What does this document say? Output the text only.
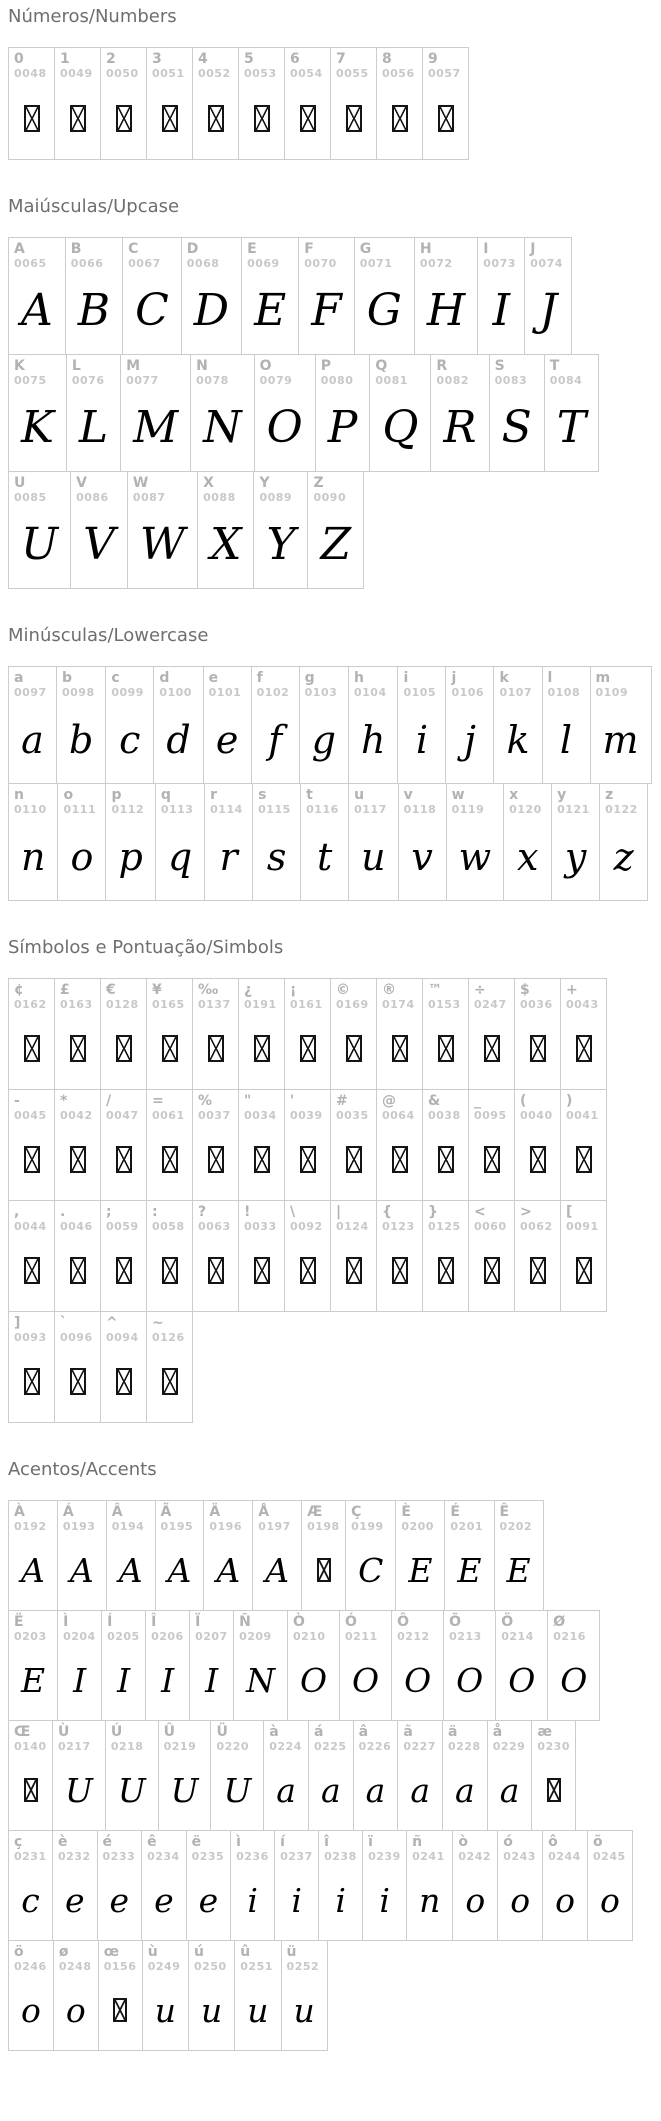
Números/Numbers
0
0048
1
0049
2
0050
3
0051
4
0052
5
0053
6
0054
7
0055
8
0056
9
0057
Maiúsculas/Upcase
A
0065
A
B
0066
B
C
0067
C
D
0068
D
E
0069
E
F
0070
F
G
0071
G
H
0072
H
I
0073
I
J
0074
J
K
0075
K
L
0076
L
M
0077
M
N
0078
N
O
0079
O
P
0080
P
Q
0081
Q
R
0082
R
S
0083
S
T
0084
T
U
0085
U
V
0086
V
W
0087
W
X
0088
X
Y
0089
Y
Z
0090
Z
Minúsculas/Lowercase
a
0097
a
b
0098
b
c
0099
c
d
0100
d
e
0101
e
f
0102
f
g
0103
g
h
0104
h
i
0105
i
j
0106
j
k
0107
k
l
0108
l
m
0109
m
n
0110
n
o
0111
o
p
0112
p
q
0113
q
r
0114
r
s
0115
s
t
0116
t
u
0117
u
v
0118
v
w
0119
w
x
0120
x
y
0121
y
z
0122
z
Símbolos e Pontuação/Simbols
¢
0162
£
0163
€
0128
¥
0165
‰
0137
¿
0191
¡
0161
©
0169
®
0174
™
0153
÷
0247
$
0036
+
0043
-
0045
*
0042
/
0047
=
0061
%
0037
"
0034
'
0039
#
0035
@
0064
&
0038
_
0095
(
0040
)
0041
,
0044
.
0046
;
0059
:
0058
?
0063
!
0033
\
0092
|
0124
{
0123
}
0125
<
0060
>
0062
[
0091
]
0093
`
0096
^
0094
~
0126
Acentos/Accents
À
0192
A
Á
0193
A
Â
0194
A
Ã
0195
A
Ä
0196
A
Å
0197
A
Æ
0198
Ç
0199
C
È
0200
E
É
0201
E
Ê
0202
E
Ë
0203
E
Ì
0204
I
Í
0205
I
Î
0206
I
Ï
0207
I
Ñ
0209
N
Ò
0210
O
Ó
0211
O
Ô
0212
O
Õ
0213
O
Ö
0214
O
Ø
0216
O
Œ
0140
Ù
0217
U
Ú
0218
U
Û
0219
U
Ü
0220
U
à
0224
a
á
0225
a
â
0226
a
ã
0227
a
ä
0228
a
å
0229
a
æ
0230
ç
0231
c
è
0232
e
é
0233
e
ê
0234
e
ë
0235
e
ì
0236
i
í
0237
i
î
0238
i
ï
0239
i
ñ
0241
n
ò
0242
o
ó
0243
o
ô
0244
o
õ
0245
o
ö
0246
o
ø
0248
o
œ
0156
ù
0249
u
ú
0250
u
û
0251
u
ü
0252
u
